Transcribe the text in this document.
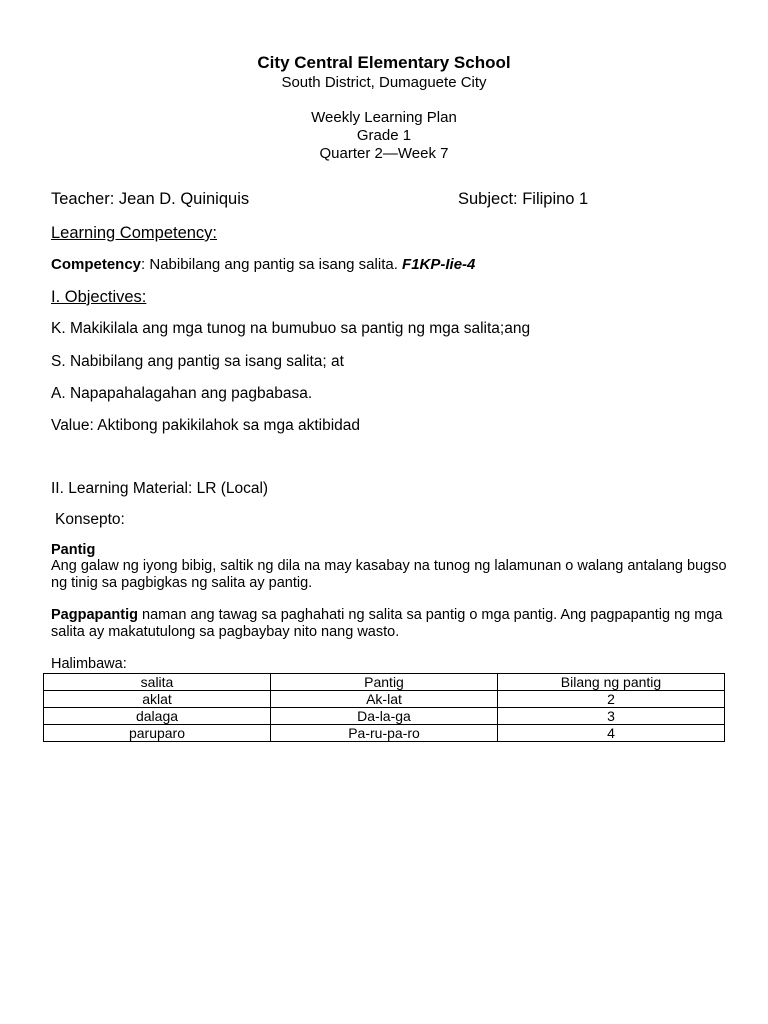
City Central Elementary School
South District, Dumaguete City
Weekly Learning Plan
Grade 1
Quarter 2—Week 7
Teacher: Jean D. Quiniquis	Subject: Filipino 1
Learning Competency:
Competency: Nabibilang ang pantig sa isang salita. F1KP-Iie-4
I. Objectives:
K. Makikilala ang mga tunog na bumubuo sa pantig ng mga salita;ang
S. Nabibilang ang pantig sa isang salita; at
A. Napapahalagahan ang pagbabasa.
Value: Aktibong pakikilahok sa mga aktibidad
II. Learning Material: LR (Local)
Konsepto:
Pantig
Ang galaw ng iyong bibig, saltik ng dila na may kasabay na tunog ng lalamunan o walang antalang bugso ng tinig sa pagbigkas ng salita ay pantig.
Pagpapantig naman ang tawag sa paghahati ng salita sa pantig o mga pantig. Ang pagpapantig ng mga salita ay makatutulong sa pagbaybay nito nang wasto.
Halimbawa:
salita	Pantig	Bilang ng pantig
aklat	Ak-lat	2
dalaga	Da-la-ga	3
paruparo	Pa-ru-pa-ro	4
